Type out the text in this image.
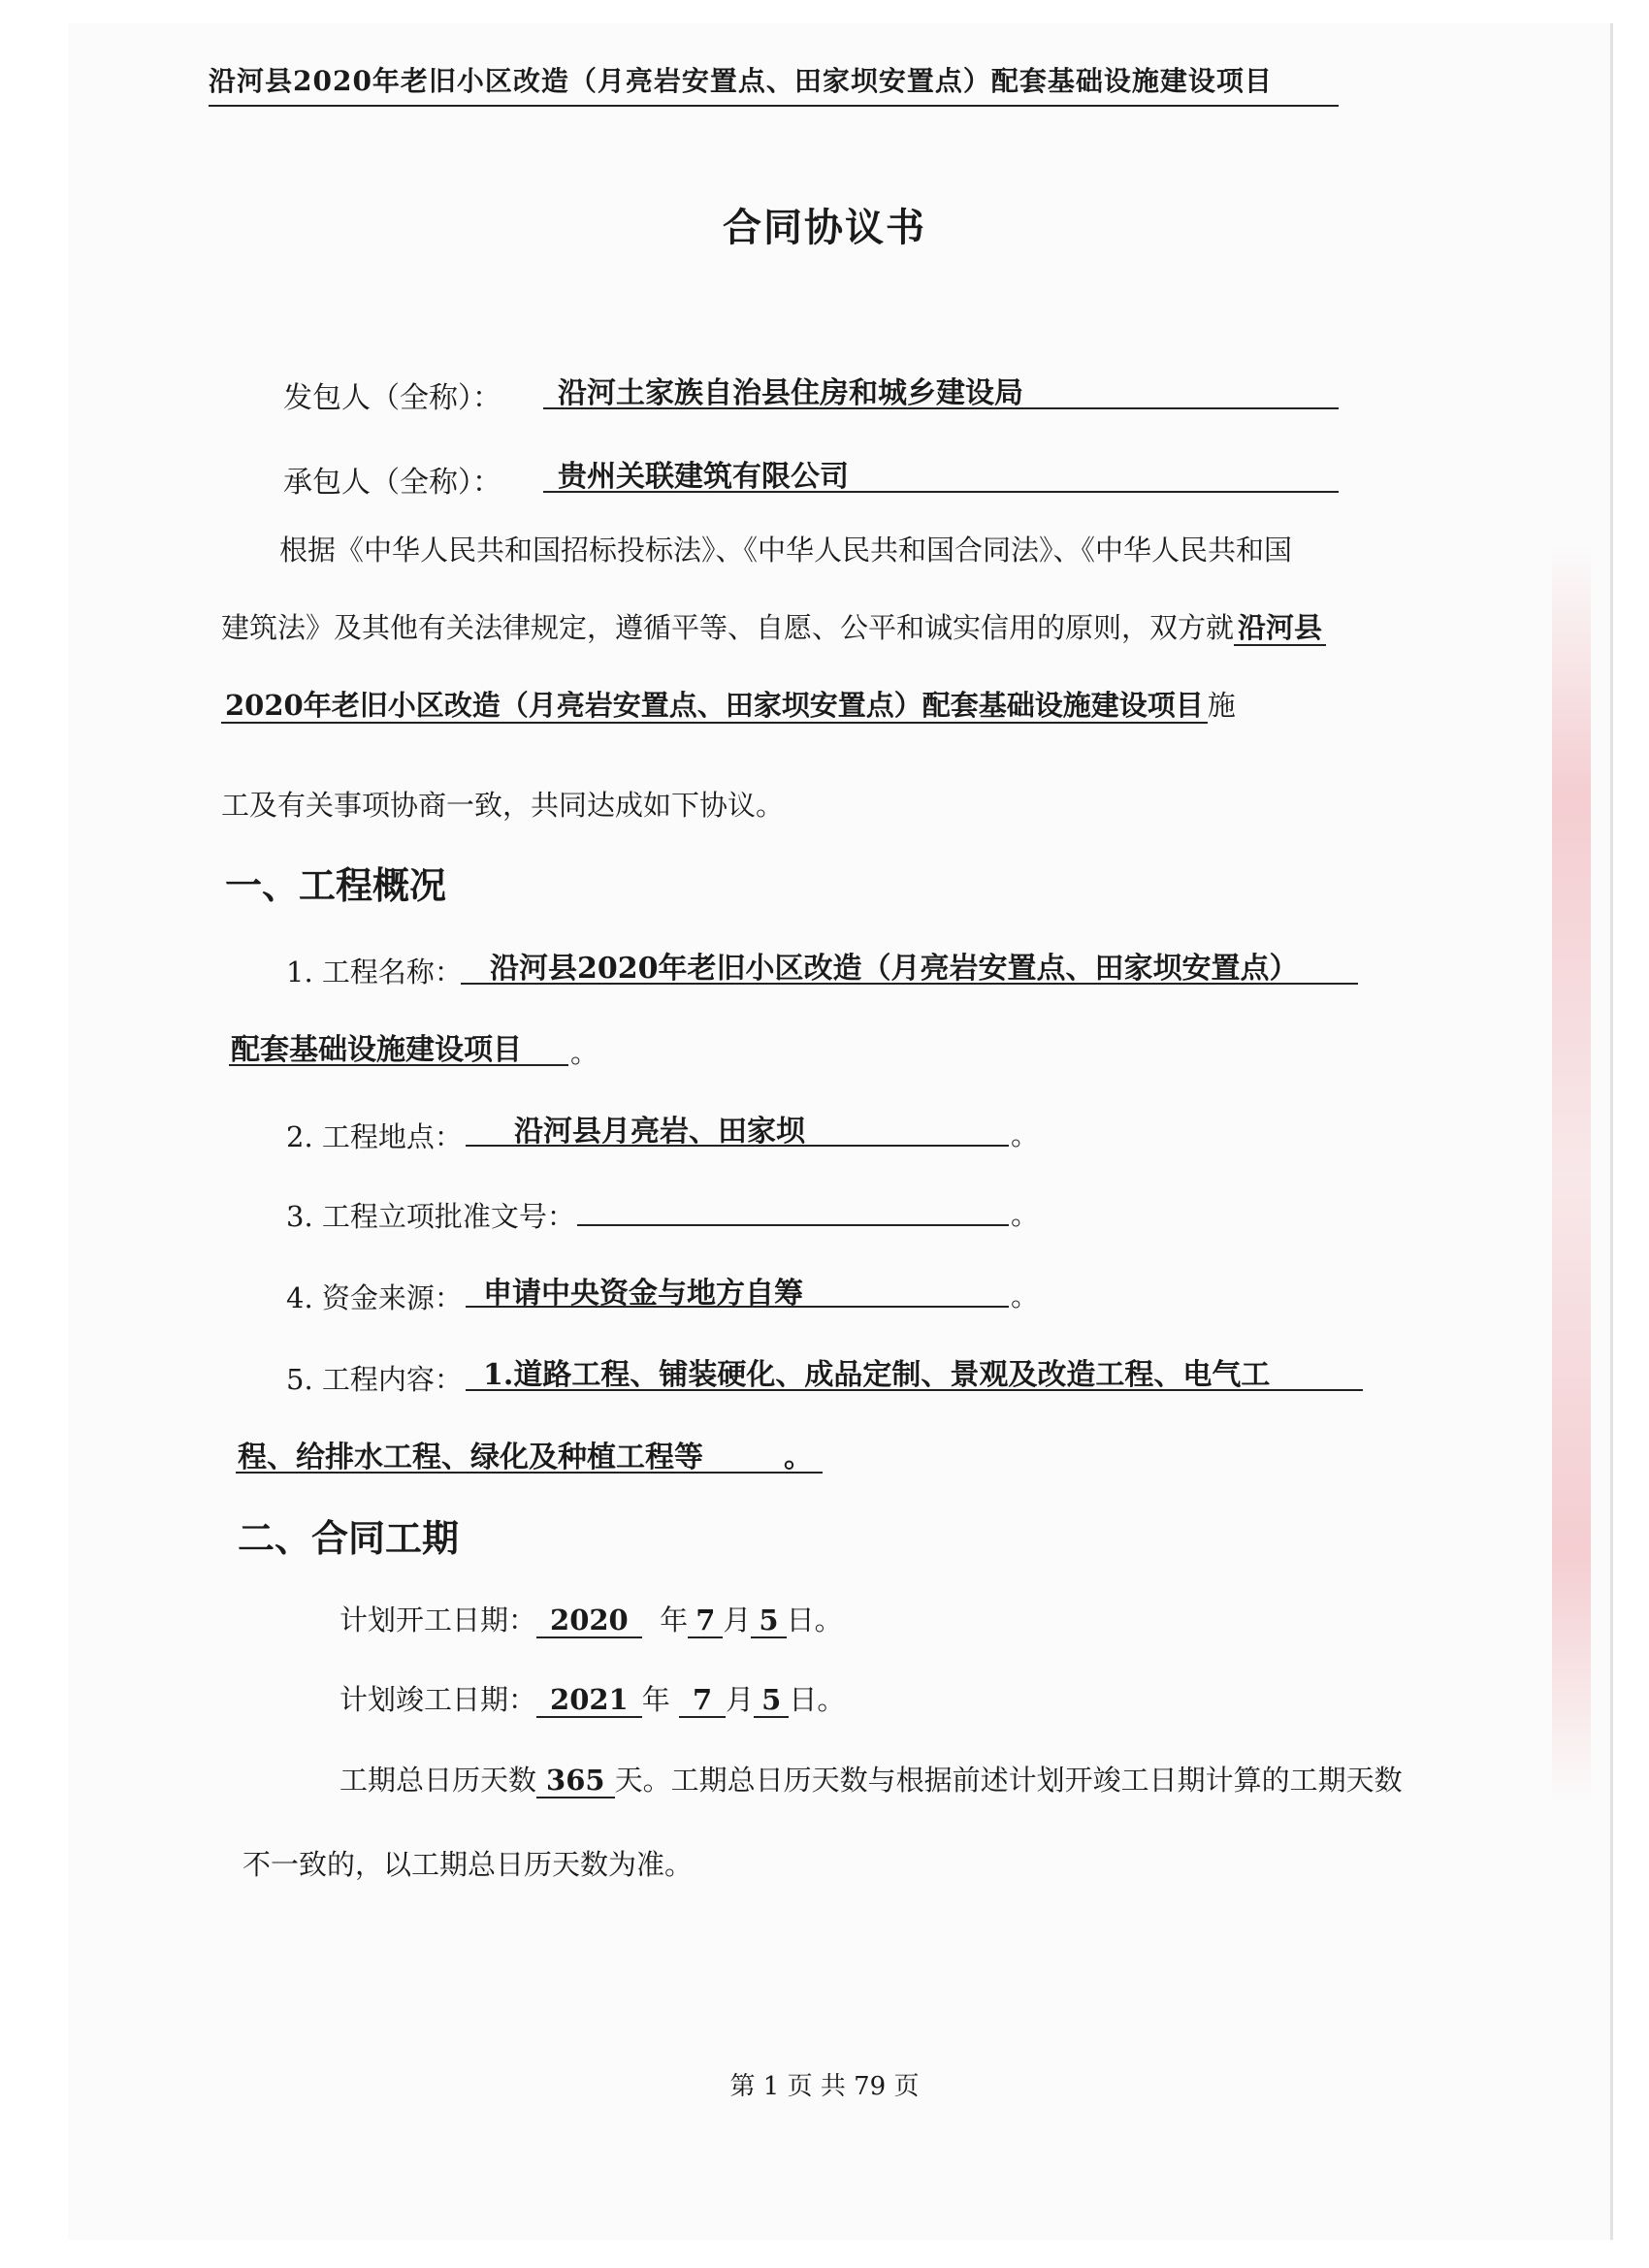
沿河县2020年老旧小区改造（月亮岩安置点、田家坝安置点）配套基础设施建设项目
合同协议书
发包人（全称）： 沿河土家族自治县住房和城乡建设局
承包人（全称）： 贵州关联建筑有限公司
根据《中华人民共和国招标投标法》、《中华人民共和国合同法》、《中华人民共和国
建筑法》及其他有关法律规定，遵循平等、自愿、公平和诚实信用的原则，双方就 沿河县
2020年老旧小区改造（月亮岩安置点、田家坝安置点）配套基础设施建设项目 施
工及有关事项协商一致，共同达成如下协议。
一、工程概况
1. 工程名称： 沿河县2020年老旧小区改造（月亮岩安置点、田家坝安置点）
配套基础设施建设项目 。
2. 工程地点： 沿河县月亮岩、田家坝	。
3. 工程立项批准文号：	。
4. 资金来源： 申请中央资金与地方自筹	。
5. 工程内容： 1.道路工程、铺装硬化、成品定制、景观及改造工程、电气工
程、给排水工程、绿化及种植工程等	。
二、合同工期
计划开工日期： 2020 年 7 月 5 日。
计划竣工日期： 2021 年 7 月 5 日。
工期总日历天数 365 天。工期总日历天数与根据前述计划开竣工日期计算的工期天数
不一致的，以工期总日历天数为准。
第 1 页 共 79 页
